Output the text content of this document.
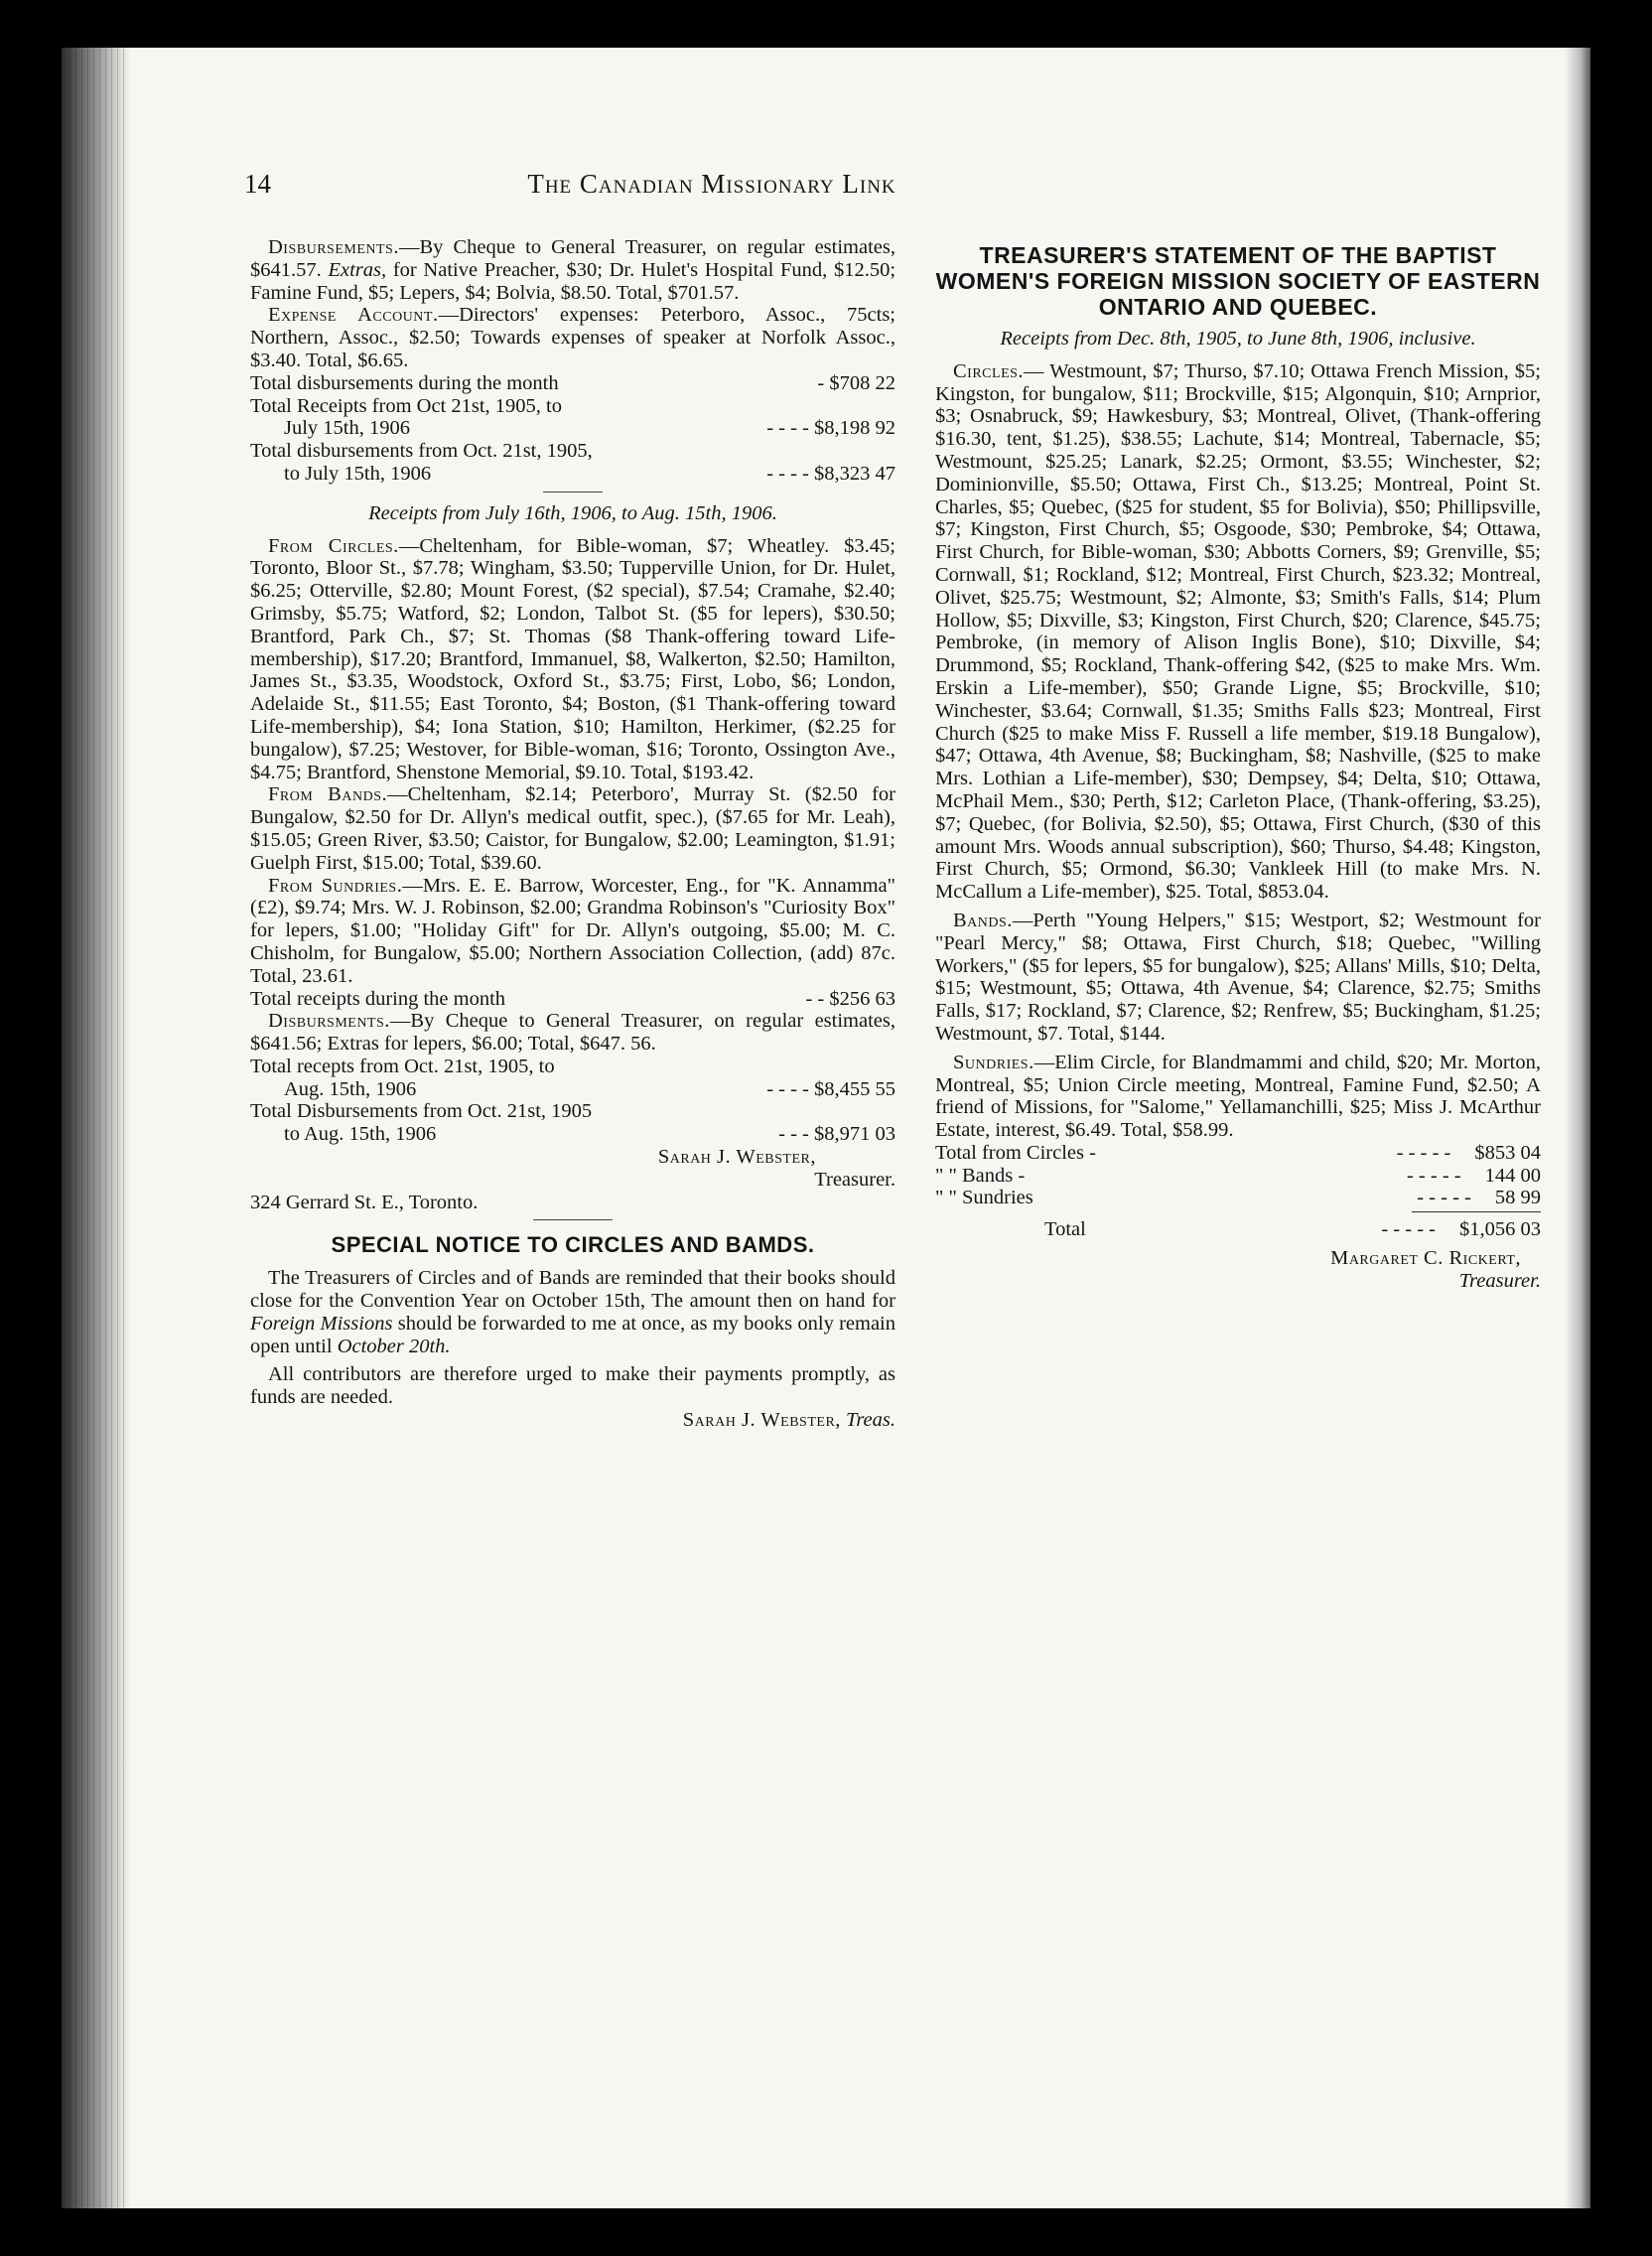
14	The Canadian Missionary Link

Disbursements.—By Cheque to General Treasurer, on regular estimates, $641.57. Extras, for Native Preacher, $30; Dr. Hulet's Hospital Fund, $12.50; Famine Fund, $5; Lepers, $4; Bolvia, $8.50. Total, $701.57.

Expense Account.—Directors' expenses: Peterboro, Assoc., 75cts; Northern, Assoc., $2.50; Towards expenses of speaker at Norfolk Assoc., $3.40. Total, $6.65.

Total disbursements during the month	- $708 22
Total Receipts from Oct 21st, 1905, to
July 15th, 1906	- - - - $8,198 92
Total disbursements from Oct. 21st, 1905,
to July 15th, 1906	- - - - $8,323 47
Receipts from July 16th, 1906, to Aug. 15th, 1906.

From Circles.—Cheltenham, for Bible-woman, $7; Wheatley. $3.45; Toronto, Bloor St., $7.78; Wingham, $3.50; Tupperville Union, for Dr. Hulet, $6.25; Otterville, $2.80; Mount Forest, ($2 special), $7.54; Cramahe, $2.40; Grimsby, $5.75; Watford, $2; London, Talbot St. ($5 for lepers), $30.50; Brantford, Park Ch., $7; St. Thomas ($8 Thank-offering toward Life-membership), $17.20; Brantford, Immanuel, $8, Walkerton, $2.50; Hamilton, James St., $3.35, Woodstock, Oxford St., $3.75; First, Lobo, $6; London, Adelaide St., $11.55; East Toronto, $4; Boston, ($1 Thank-offering toward Life-membership), $4; Iona Station, $10; Hamilton, Herkimer, ($2.25 for bungalow), $7.25; Westover, for Bible-woman, $16; Toronto, Ossington Ave., $4.75; Brantford, Shenstone Memorial, $9.10. Total, $193.42.

From Bands.—Cheltenham, $2.14; Peterboro', Murray St. ($2.50 for Bungalow, $2.50 for Dr. Allyn's medical outfit, spec.), ($7.65 for Mr. Leah), $15.05; Green River, $3.50; Caistor, for Bungalow, $2.00; Leamington, $1.91; Guelph First, $15.00; Total, $39.60.

From Sundries.—Mrs. E. E. Barrow, Worcester, Eng., for "K. Annamma" (£2), $9.74; Mrs. W. J. Robinson, $2.00; Grandma Robinson's "Curiosity Box" for lepers, $1.00; "Holiday Gift" for Dr. Allyn's outgoing, $5.00; M. C. Chisholm, for Bungalow, $5.00; Northern Association Collection, (add) 87c. Total, 23.61.

Total receipts during the month	- - $256 63

Disbursments.—By Cheque to General Treasurer, on regular estimates, $641.56; Extras for lepers, $6.00; Total, $647. 56.

Total recepts from Oct. 21st, 1905, to
Aug. 15th, 1906	- - - - $8,455 55
Total Disbursements from Oct. 21st, 1905
to Aug. 15th, 1906	- - - $8,971 03
Sarah J. Webster,
Treasurer.
324 Gerrard St. E., Toronto.
SPECIAL NOTICE TO CIRCLES AND BAMDS.

The Treasurers of Circles and of Bands are reminded that their books should close for the Convention Year on October 15th, The amount then on hand for Foreign Missions should be forwarded to me at once, as my books only remain open until October 20th.

All contributors are therefore urged to make their payments promptly, as funds are needed.

Sarah J. Webster, Treas.
TREASURER'S STATEMENT OF THE BAPTIST WOMEN'S FOREIGN MISSION SOCIETY OF EASTERN ONTARIO AND QUEBEC.
Receipts from Dec. 8th, 1905, to June 8th, 1906, inclusive.

Circles.— Westmount, $7; Thurso, $7.10; Ottawa French Mission, $5; Kingston, for bungalow, $11; Brockville, $15; Algonquin, $10; Arnprior, $3; Osnabruck, $9; Hawkesbury, $3; Montreal, Olivet, (Thank-offering $16.30, tent, $1.25), $38.55; Lachute, $14; Montreal, Tabernacle, $5; Westmount, $25.25; Lanark, $2.25; Ormont, $3.55; Winchester, $2; Dominionville, $5.50; Ottawa, First Ch., $13.25; Montreal, Point St. Charles, $5; Quebec, ($25 for student, $5 for Bolivia), $50; Phillipsville, $7; Kingston, First Church, $5; Osgoode, $30; Pembroke, $4; Ottawa, First Church, for Bible-woman, $30; Abbotts Corners, $9; Grenville, $5; Cornwall, $1; Rockland, $12; Montreal, First Church, $23.32; Montreal, Olivet, $25.75; Westmount, $2; Almonte, $3; Smith's Falls, $14; Plum Hollow, $5; Dixville, $3; Kingston, First Church, $20; Clarence, $45.75; Pembroke, (in memory of Alison Inglis Bone), $10; Dixville, $4; Drummond, $5; Rockland, Thank-offering $42, ($25 to make Mrs. Wm. Erskin a Life-member), $50; Grande Ligne, $5; Brockville, $10; Winchester, $3.64; Cornwall, $1.35; Smiths Falls $23; Montreal, First Church ($25 to make Miss F. Russell a life member, $19.18 Bungalow), $47; Ottawa, 4th Avenue, $8; Buckingham, $8; Nashville, ($25 to make Mrs. Lothian a Life-member), $30; Dempsey, $4; Delta, $10; Ottawa, McPhail Mem., $30; Perth, $12; Carleton Place, (Thank-offering, $3.25), $7; Quebec, (for Bolivia, $2.50), $5; Ottawa, First Church, ($30 of this amount Mrs. Woods annual subscription), $60; Thurso, $4.48; Kingston, First Church, $5; Ormond, $6.30; Vankleek Hill (to make Mrs. N. McCallum a Life-member), $25. Total, $853.04.

Bands.—Perth "Young Helpers," $15; Westport, $2; Westmount for "Pearl Mercy," $8; Ottawa, First Church, $18; Quebec, "Willing Workers," ($5 for lepers, $5 for bungalow), $25; Allans' Mills, $10; Delta, $15; Westmount, $5; Ottawa, 4th Avenue, $4; Clarence, $2.75; Smiths Falls, $17; Rockland, $7; Clarence, $2; Renfrew, $5; Buckingham, $1.25; Westmount, $7. Total, $144.

Sundries.—Elim Circle, for Blandmammi and child, $20; Mr. Morton, Montreal, $5; Union Circle meeting, Montreal, Famine Fund, $2.50; A friend of Missions, for "Salome," Yellamanchilli, $25; Miss J. McArthur Estate, interest, $6.49. Total, $58.99.

Total from Circles -	- - - - -	$853 04
" " Bands -	- - - - -	144 00
" " Sundries	- - - - -	58 99
Total	- - - - -	$1,056 03
Margaret C. Rickert,
Treasurer.
